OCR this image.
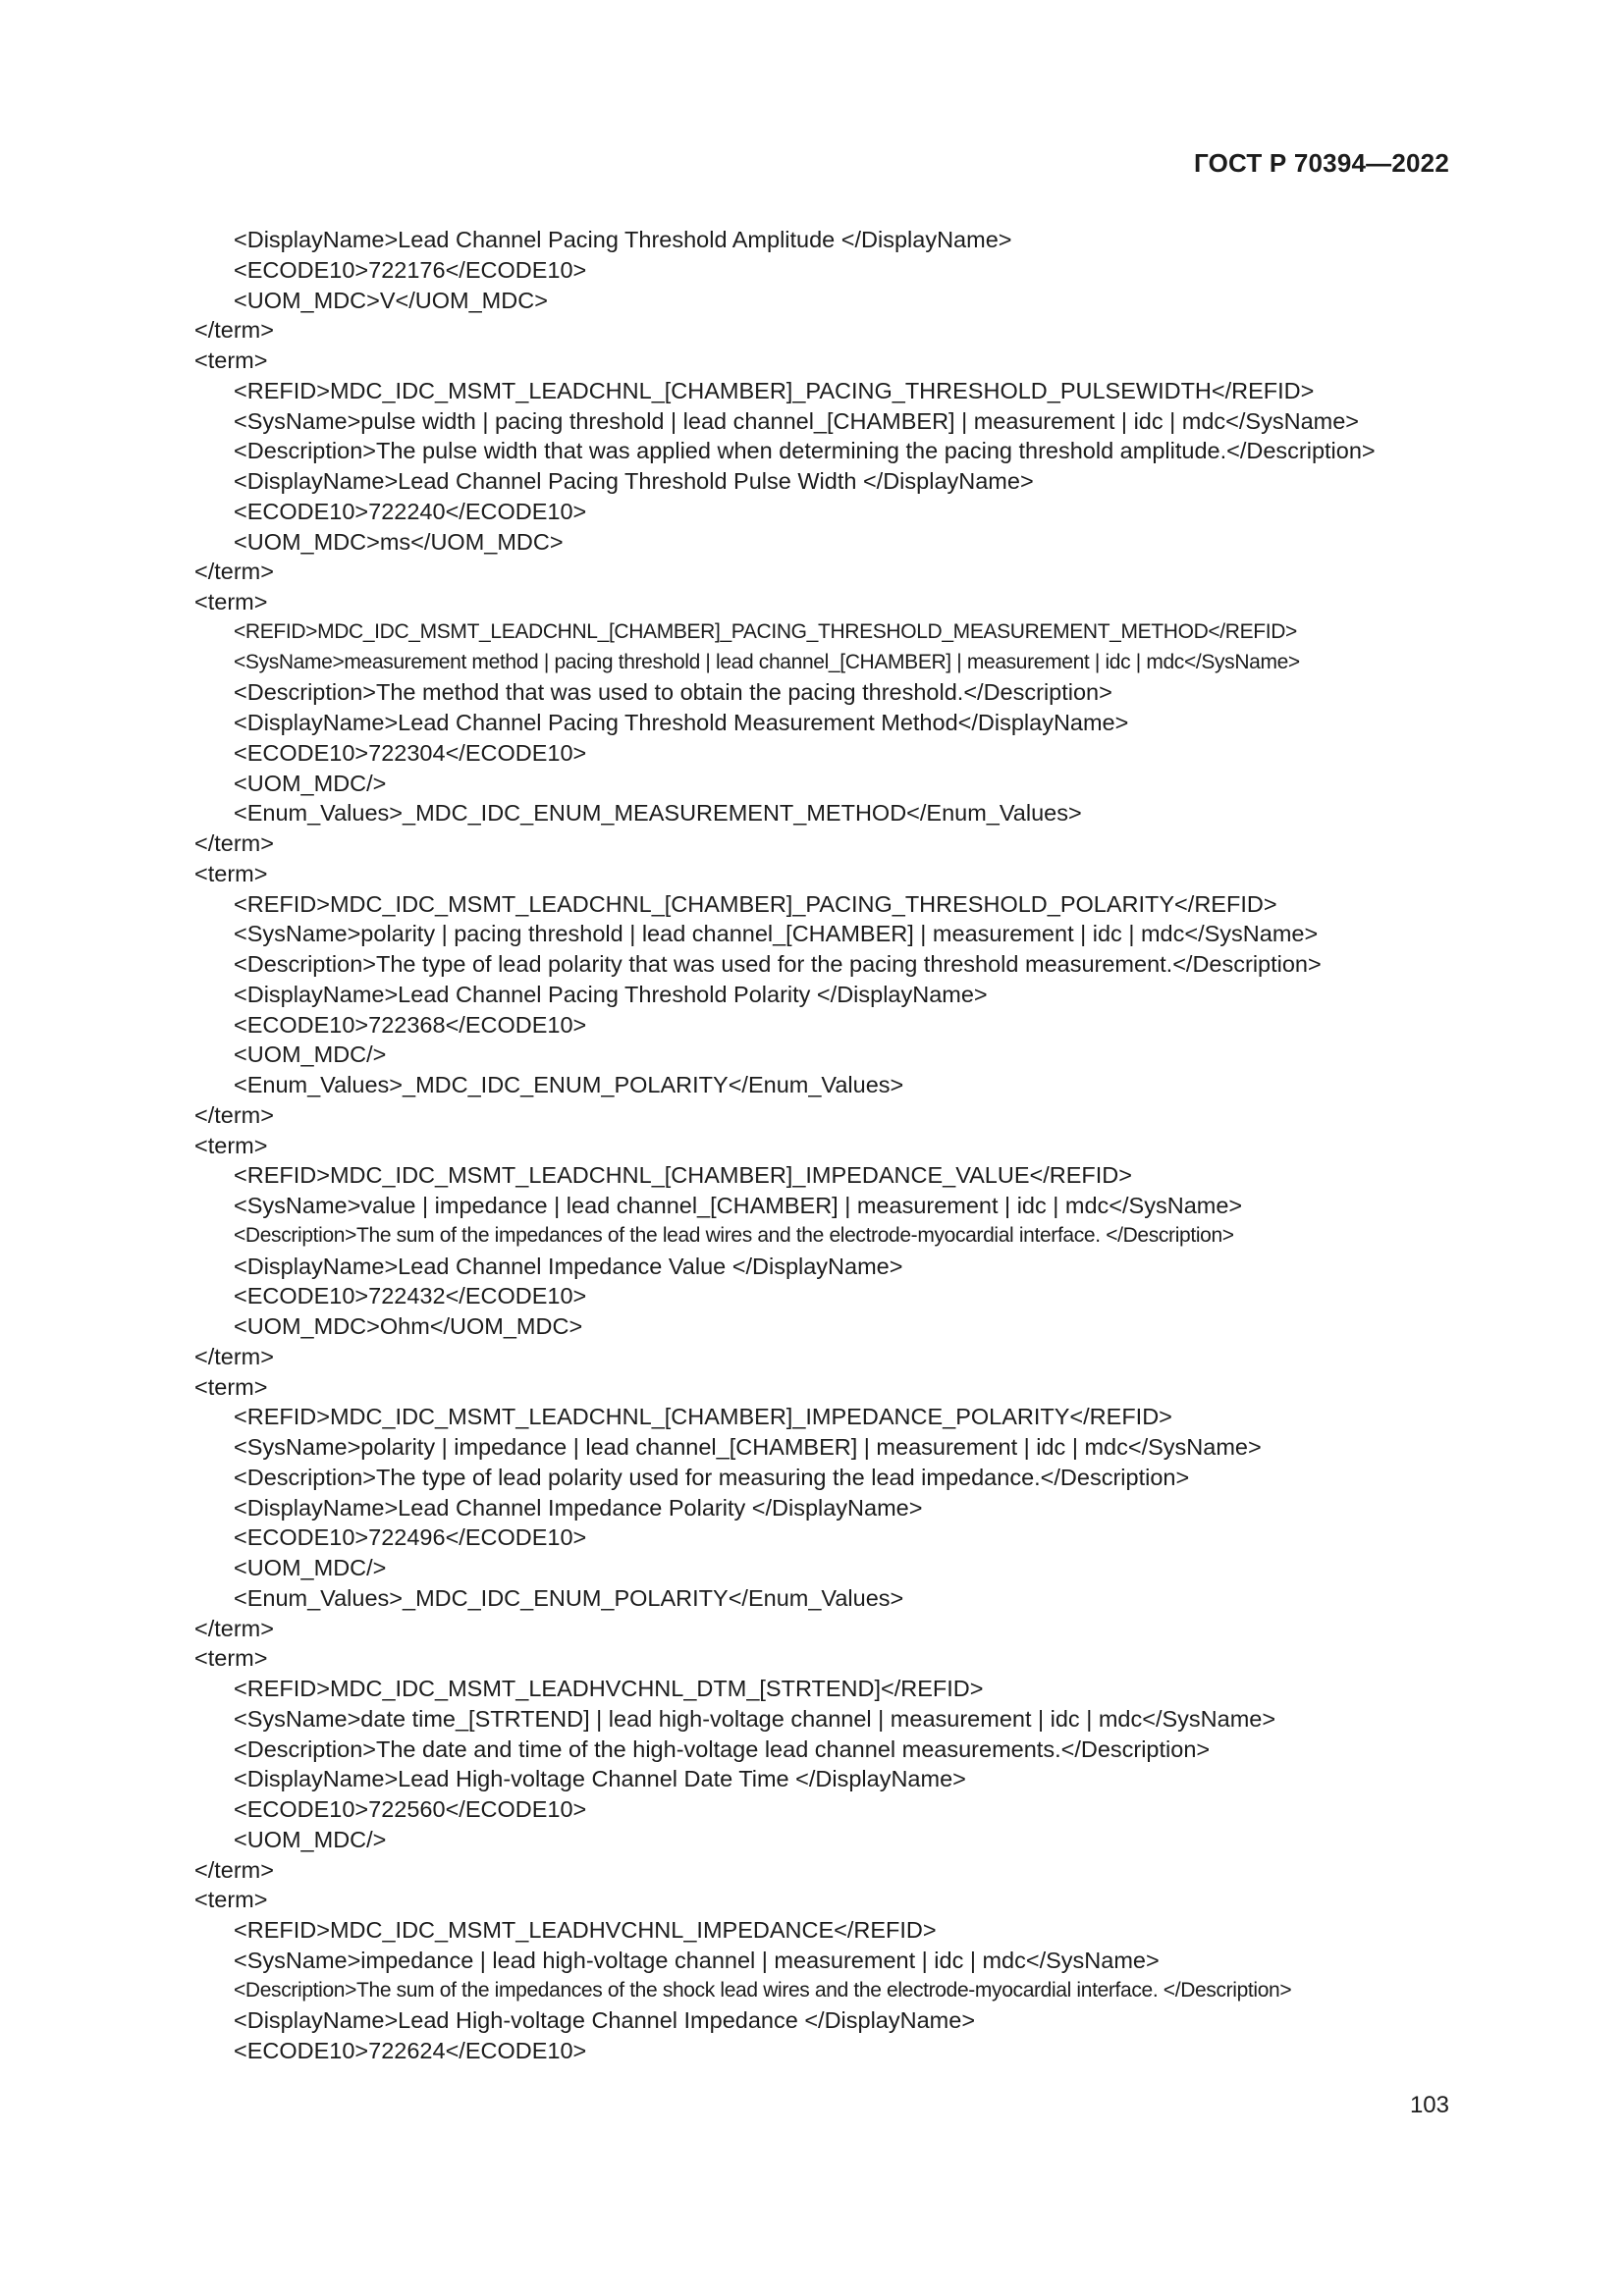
ГОСТ Р 70394—2022
<DisplayName>Lead Channel Pacing Threshold Amplitude </DisplayName>
<ECODE10>722176</ECODE10>
<UOM_MDC>V</UOM_MDC>
</term>
<term>
<REFID>MDC_IDC_MSMT_LEADCHNL_[CHAMBER]_PACING_THRESHOLD_PULSEWIDTH</REFID>
<SysName>pulse width | pacing threshold | lead channel_[CHAMBER] | measurement | idc | mdc</SysName>
<Description>The pulse width that was applied when determining the pacing threshold amplitude.</Description>
<DisplayName>Lead Channel Pacing Threshold Pulse Width </DisplayName>
<ECODE10>722240</ECODE10>
<UOM_MDC>ms</UOM_MDC>
</term>
<term>
<REFID>MDC_IDC_MSMT_LEADCHNL_[CHAMBER]_PACING_THRESHOLD_MEASUREMENT_METHOD</REFID>
<SysName>measurement method | pacing threshold | lead channel_[CHAMBER] | measurement | idc | mdc</SysName>
<Description>The method that was used to obtain the pacing threshold.</Description>
<DisplayName>Lead Channel Pacing Threshold Measurement Method</DisplayName>
<ECODE10>722304</ECODE10>
<UOM_MDC/>
<Enum_Values>_MDC_IDC_ENUM_MEASUREMENT_METHOD</Enum_Values>
</term>
<term>
<REFID>MDC_IDC_MSMT_LEADCHNL_[CHAMBER]_PACING_THRESHOLD_POLARITY</REFID>
<SysName>polarity | pacing threshold | lead channel_[CHAMBER] | measurement | idc | mdc</SysName>
<Description>The type of lead polarity that was used for the pacing threshold measurement.</Description>
<DisplayName>Lead Channel Pacing Threshold Polarity </DisplayName>
<ECODE10>722368</ECODE10>
<UOM_MDC/>
<Enum_Values>_MDC_IDC_ENUM_POLARITY</Enum_Values>
</term>
<term>
<REFID>MDC_IDC_MSMT_LEADCHNL_[CHAMBER]_IMPEDANCE_VALUE</REFID>
<SysName>value | impedance | lead channel_[CHAMBER] | measurement | idc | mdc</SysName>
<Description>The sum of the impedances of the lead wires and the electrode-myocardial interface. </Description>
<DisplayName>Lead Channel Impedance Value </DisplayName>
<ECODE10>722432</ECODE10>
<UOM_MDC>Ohm</UOM_MDC>
</term>
<term>
<REFID>MDC_IDC_MSMT_LEADCHNL_[CHAMBER]_IMPEDANCE_POLARITY</REFID>
<SysName>polarity | impedance | lead channel_[CHAMBER] | measurement | idc | mdc</SysName>
<Description>The type of lead polarity used for measuring the lead impedance.</Description>
<DisplayName>Lead Channel Impedance Polarity </DisplayName>
<ECODE10>722496</ECODE10>
<UOM_MDC/>
<Enum_Values>_MDC_IDC_ENUM_POLARITY</Enum_Values>
</term>
<term>
<REFID>MDC_IDC_MSMT_LEADHVCHNL_DTM_[STRTEND]</REFID>
<SysName>date time_[STRTEND] | lead high-voltage channel | measurement | idc | mdc</SysName>
<Description>The date and time of the high-voltage lead channel measurements.</Description>
<DisplayName>Lead High-voltage Channel Date Time </DisplayName>
<ECODE10>722560</ECODE10>
<UOM_MDC/>
</term>
<term>
<REFID>MDC_IDC_MSMT_LEADHVCHNL_IMPEDANCE</REFID>
<SysName>impedance | lead high-voltage channel | measurement | idc | mdc</SysName>
<Description>The sum of the impedances of the shock lead wires and the electrode-myocardial interface. </Description>
<DisplayName>Lead High-voltage Channel Impedance </DisplayName>
<ECODE10>722624</ECODE10>
103
